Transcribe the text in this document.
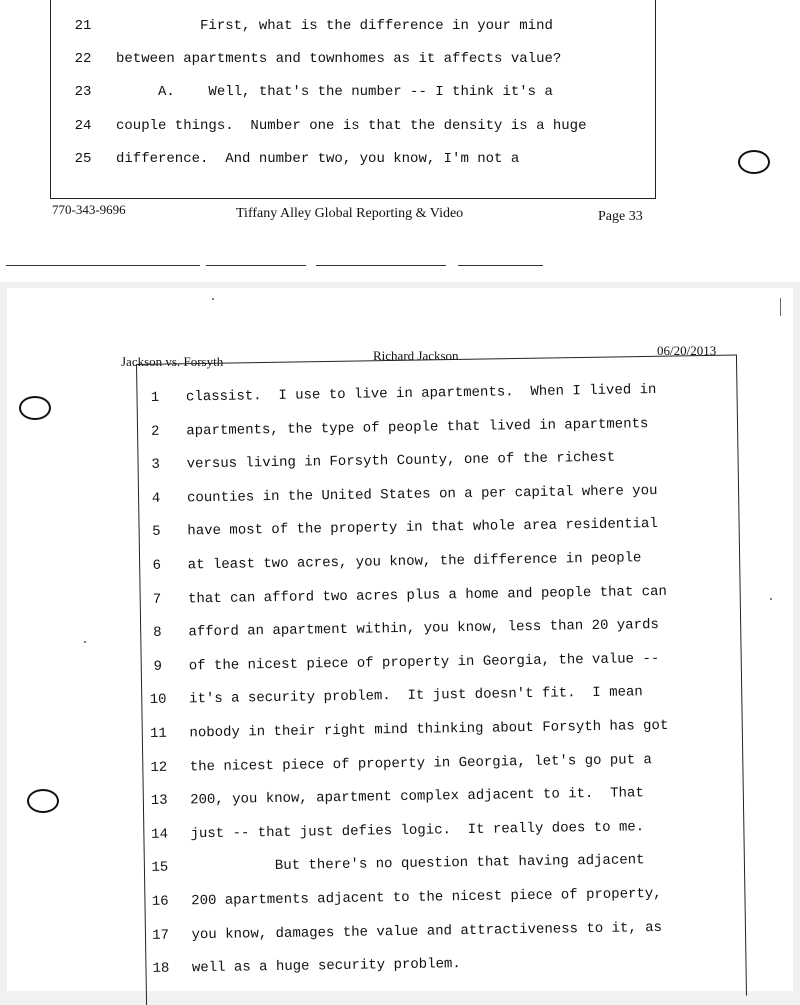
21	First, what is the difference in your mind
22	between apartments and townhomes as it affects value?
23	A.    Well, that's the number -- I think it's a
24	couple things.  Number one is that the density is a huge
25	difference.  And number two, you know, I'm not a
770-343-9696	Tiffany Alley Global Reporting & Video	Page 33
Jackson vs. Forsyth	Richard Jackson	06/20/2013
1	classist.  I use to live in apartments.  When I lived in
2	apartments, the type of people that lived in apartments
3	versus living in Forsyth County, one of the richest
4	counties in the United States on a per capital where you
5	have most of the property in that whole area residential
6	at least two acres, you know, the difference in people
7	that can afford two acres plus a home and people that can
8	afford an apartment within, you know, less than 20 yards
9	of the nicest piece of property in Georgia, the value --
10	it's a security problem.  It just doesn't fit.  I mean
11	nobody in their right mind thinking about Forsyth has got
12	the nicest piece of property in Georgia, let's go put a
13	200, you know, apartment complex adjacent to it.  That
14	just -- that just defies logic.  It really does to me.
15	But there's no question that having adjacent
16	200 apartments adjacent to the nicest piece of property,
17	you know, damages the value and attractiveness to it, as
18	well as a huge security problem.
